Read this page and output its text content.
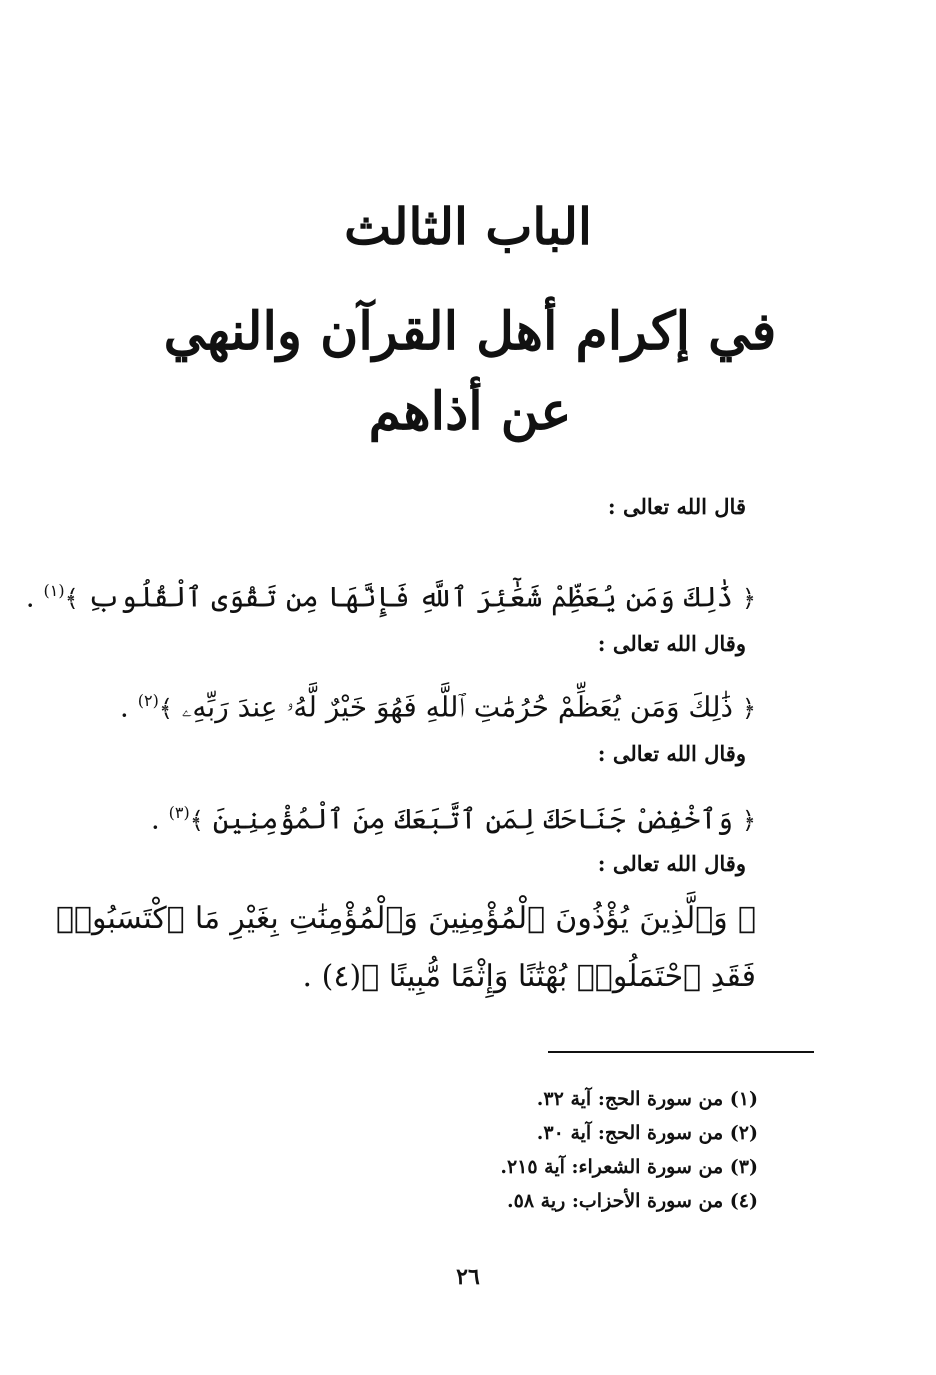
الباب الثالث
في إكرام أهل القرآن والنهي عن أذاهم
قال الله تعالى :
﴿ ذَٰلِكَ وَمَن يُعَظِّمْ شَعَٰٓئِرَ ٱللَّهِ فَإِنَّهَا مِن تَقْوَى ٱلْقُلُوبِ ﴾$^{(١)}$ .
وقال الله تعالى :
﴿ ذَٰلِكَ وَمَن يُعَظِّمْ حُرُمَٰتِ ٱللَّهِ فَهُوَ خَيْرٌ لَّهُۥ عِندَ رَبِّهِۦ ﴾$^{(٢)}$ .
وقال الله تعالى :
﴿ وَٱخْفِضْ جَنَاحَكَ لِمَنِ ٱتَّبَعَكَ مِنَ ٱلْمُؤْمِنِينَ ﴾$^{(٣)}$ .
وقال الله تعالى :
﴿ وَٱلَّذِينَ يُؤْذُونَ ٱلْمُؤْمِنِينَ وَٱلْمُؤْمِنَٰتِ بِغَيْرِ مَا ٱكْتَسَبُوا۟ فَقَدِ ٱحْتَمَلُوا۟ بُهْتَٰنًا وَإِثْمًا مُّبِينًا ﴾(٤) .
(١) من سورة الحج: آية ٣٢.
(٢) من سورة الحج: آية ٣٠.
(٣) من سورة الشعراء: آية ٢١٥.
(٤) من سورة الأحزاب: رية ٥٨.
٢٦
